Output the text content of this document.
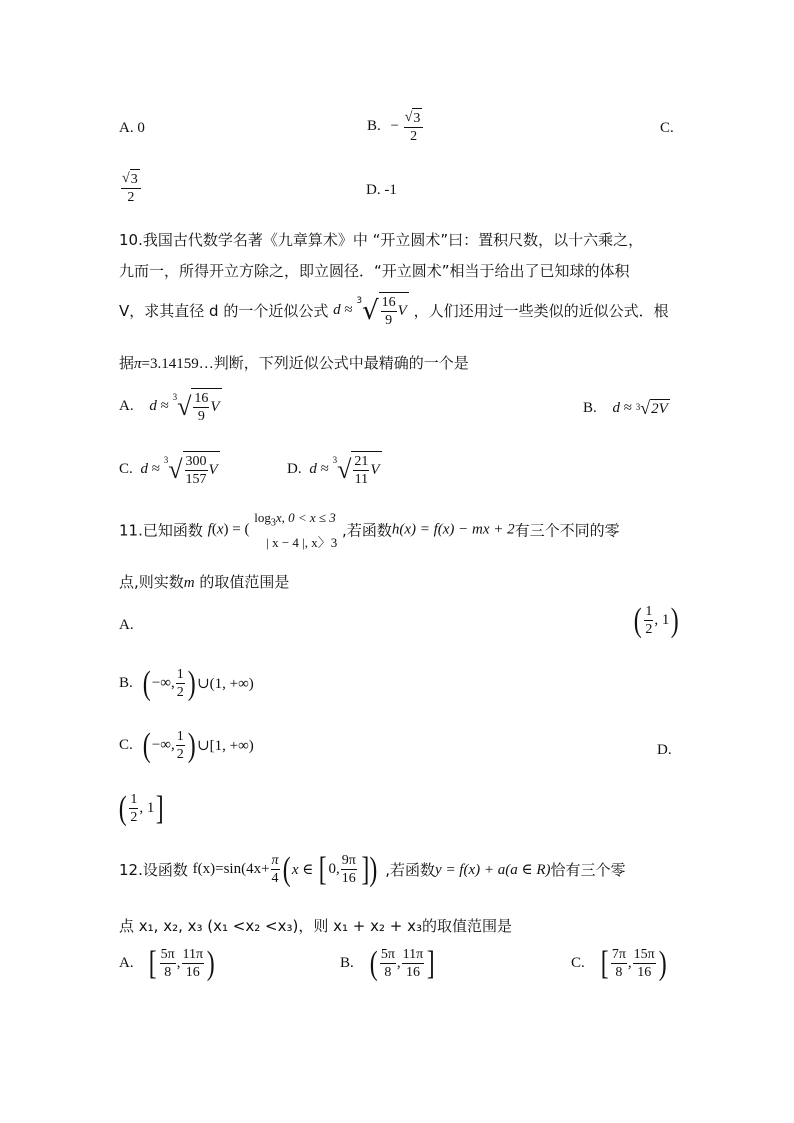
A. 0	B. − $\frac{√3}{2}$	C.
$\frac{√3}{2}$	D. -1
10.我国古代数学名著《九章算术》中 “开立圆术”曰：置积尺数，以十六乘之，
九而一，所得开立方除之，即立圆径．“开立圆术”相当于给出了已知球的体积
V，求其直径 d 的一个近似公式 $d \approx ^3√ \frac{16}{9}$ V ，人们还用过一些类似的近似公式．根
据π=3.14159…判断，下列近似公式中最精确的一个是
A. $d \approx ^3√ \frac{16}{9}$ V	B. d ≈ $^3$√2V
C. $d \approx ^3√ \frac{300}{157}$ V	D. $d \approx ^3√ \frac{21}{11}$ V
11.已知函数 f(x) = (
$\log_3x$, 0 < x ≤ 3
| x − 4 |, x〉3
,若函数h(x) = f(x) − mx + 2有三个不同的零
点,则实数m 的取值范围是
A.	( $\frac{1}{2}$ , 1)
B. ( −∞, $\frac{1}{2}$ ) ∪(1, +∞)
C. ( −∞, $\frac{1}{2}$ ) ∪[1, +∞)	D.
( $\frac{1}{2}$ , 1]
12.设函数 $f(x)=\sin(4x+ \frac{\pi}{4}$ ( x ∈ [ 0, $\frac{9\pi}{16}$ ]) ,若函数y = f(x) + a(a ∈ R)恰有三个零
点 x₁, x₂, x₃ (x₁ <x₂ <x₃)，则 x₁ + x₂ + x₃的取值范围是
A. [ $\frac{5\pi}{8}$ , $\frac{11\pi}{16}$ )	B. ( $\frac{5\pi}{8}$ , $\frac{11\pi}{16}$ ]	C. [ $\frac{7\pi}{8}$ , $\frac{15\pi}{16}$ )
